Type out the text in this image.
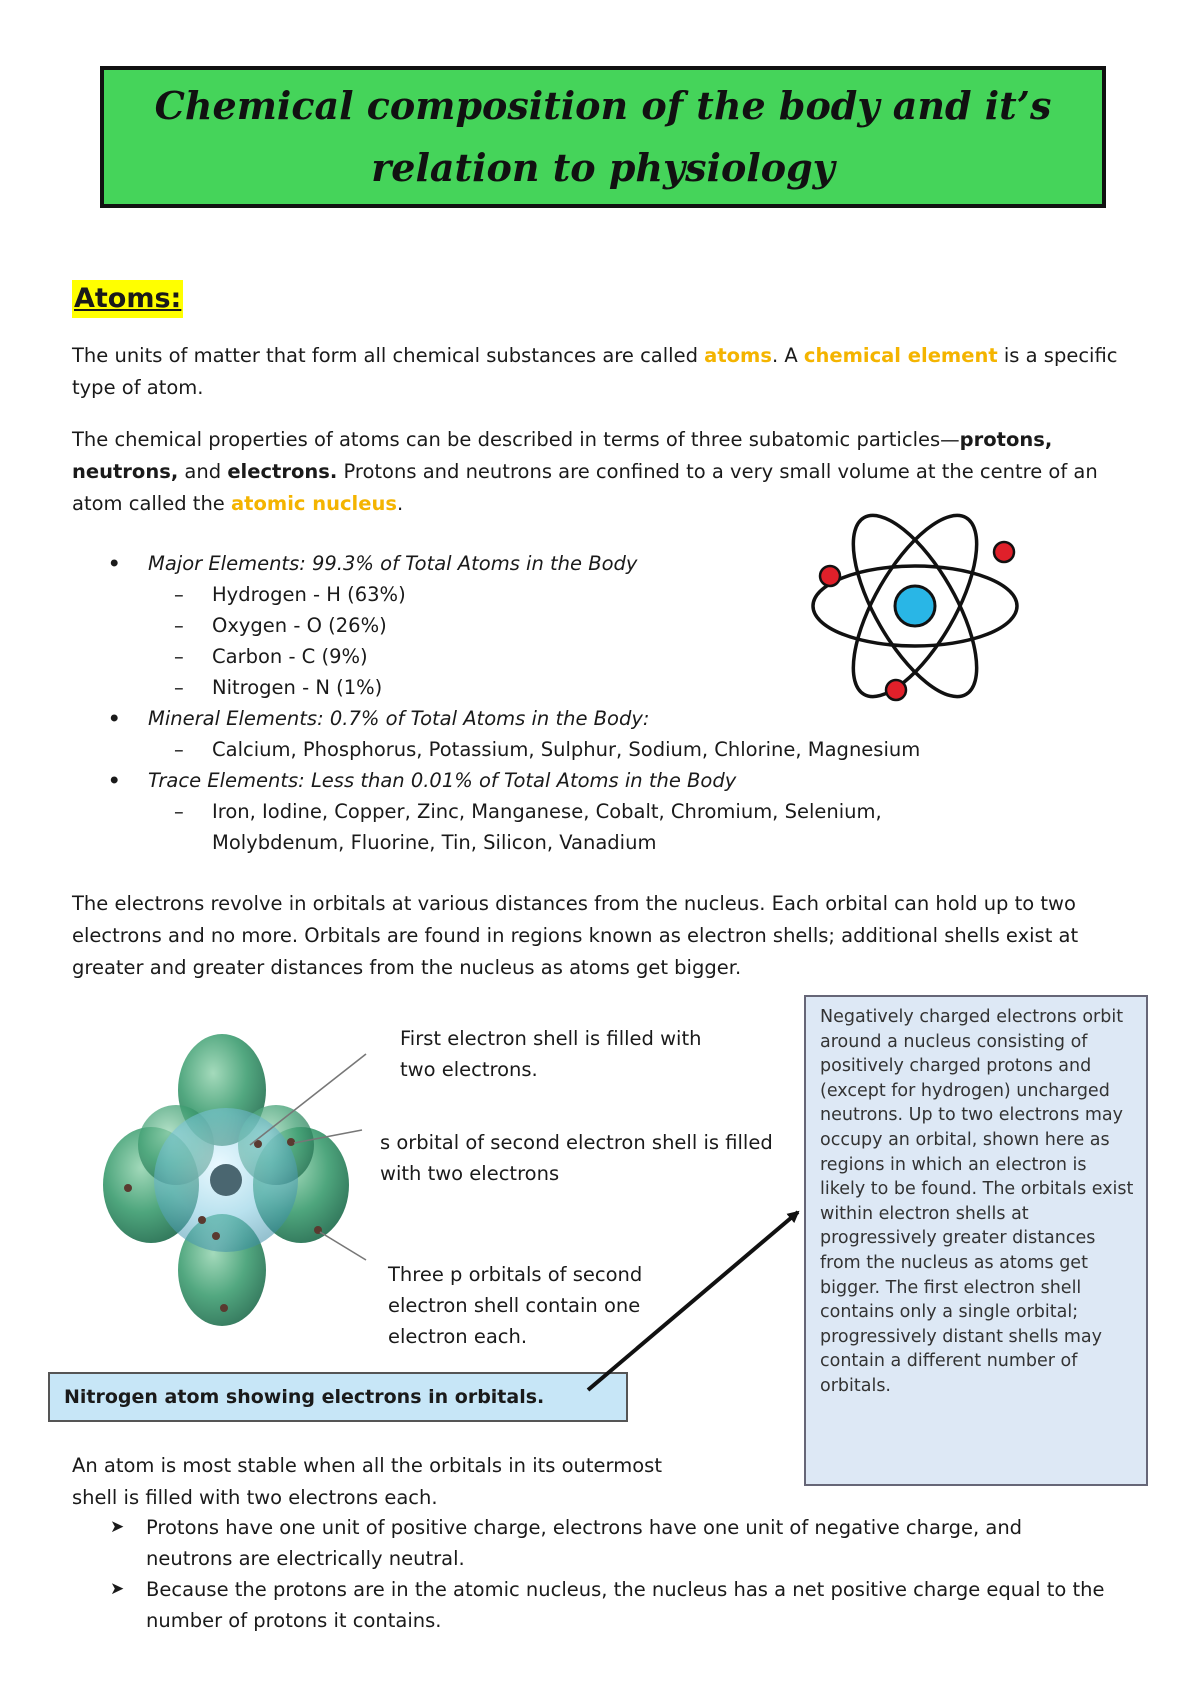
Chemical composition of the body and it’s relation to physiology
Atoms:

The units of matter that form all chemical substances are called atoms. A chemical element is a specific type of atom.

The chemical properties of atoms can be described in terms of three subatomic particles—protons, neutrons, and electrons. Protons and neutrons are confined to a very small volume at the centre of an atom called the atomic nucleus.

• Major Elements: 99.3% of Total Atoms in the Body
– Hydrogen - H (63%)
– Oxygen - O (26%)
– Carbon - C (9%)
– Nitrogen - N (1%)
• Mineral Elements: 0.7% of Total Atoms in the Body:
– Calcium, Phosphorus, Potassium, Sulphur, Sodium, Chlorine, Magnesium
• Trace Elements: Less than 0.01% of Total Atoms in the Body
– Iron, Iodine, Copper, Zinc, Manganese, Cobalt, Chromium, Selenium, Molybdenum, Fluorine, Tin, Silicon, Vanadium

The electrons revolve in orbitals at various distances from the nucleus. Each orbital can hold up to two electrons and no more. Orbitals are found in regions known as electron shells; additional shells exist at greater and greater distances from the nucleus as atoms get bigger.

First electron shell is filled with two electrons.
s orbital of second electron shell is filled with two electrons
Three p orbitals of second electron shell contain one electron each.
Nitrogen atom showing electrons in orbitals.
Negatively charged electrons orbit around a nucleus consisting of positively charged protons and (except for hydrogen) uncharged neutrons. Up to two electrons may occupy an orbital, shown here as regions in which an electron is likely to be found. The orbitals exist within electron shells at progressively greater distances from the nucleus as atoms get bigger. The first electron shell contains only a single orbital; progressively distant shells may contain a different number of orbitals.

An atom is most stable when all the orbitals in its outermost shell is filled with two electrons each.

➤ Protons have one unit of positive charge, electrons have one unit of negative charge, and neutrons are electrically neutral.
➤ Because the protons are in the atomic nucleus, the nucleus has a net positive charge equal to the number of protons it contains.
